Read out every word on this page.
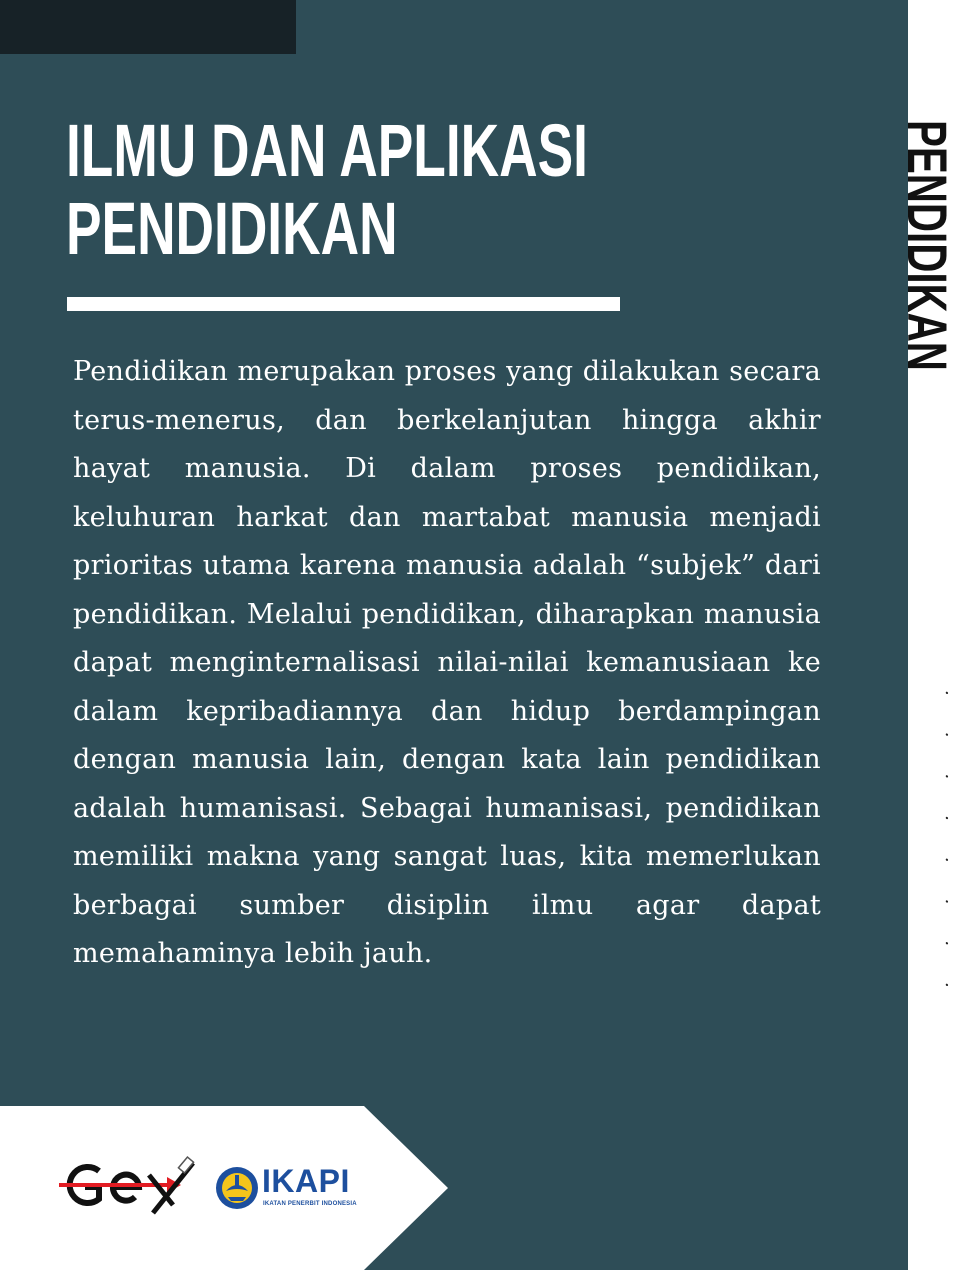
ILMU DAN APLIKASI
PENDIDIKAN

Pendidikan merupakan proses yang dilakukan secara terus-menerus, dan berkelanjutan hingga akhir hayat manusia. Di dalam proses pendidikan, keluhuran harkat dan martabat manusia menjadi prioritas utama karena manusia adalah “subjek” dari pendidikan. Melalui pendidikan, diharapkan manusia dapat menginternalisasi nilai-nilai kemanusiaan ke dalam kepribadiannya dan hidup berdampingan dengan manusia lain, dengan kata lain pendidikan adalah humanisasi. Sebagai humanisasi, pendidikan memiliki makna yang sangat luas, kita memerlukan berbagai sumber disiplin ilmu agar dapat memahaminya lebih jauh.

IKAPI
IKATAN PENERBIT INDONESIA
PENDIDIKAN
........
